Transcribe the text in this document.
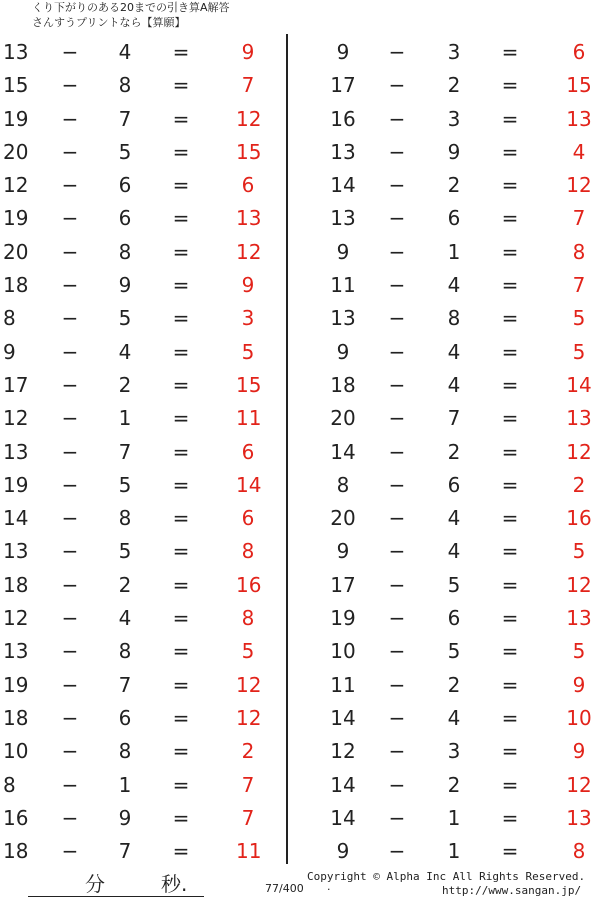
くり下がりのある20までの引き算A解答
さんすうプリントなら【算願】
13 − 4 =	9
15 − 8 =	7
19 − 7 = 12
20 − 5 = 15
12 − 6 =	6
19 − 6 = 13
20 − 8 = 12
18 − 9 =	9
8 − 5 =	3
9 − 4 =	5
17 − 2 = 15
12 − 1 = 11
13 − 7 =	6
19 − 5 = 14
14 − 8 =	6
13 − 5 =	8
18 − 2 = 16
12 − 4 =	8
13 − 8 =	5
19 − 7 = 12
18 − 6 = 12
10 − 8 =	2
8 − 1 =	7
16 − 9 =	7
18 − 7 = 11
9	− 3 =	6
17 − 2 = 15
16 − 3 = 13
13 − 9 =	4
14 − 2 = 12
13 − 6 =	7
9	− 1 =	8
11 − 4 =	7
13 − 8 =	5
9	− 4 =	5
18 − 4 = 14
20 − 7 = 13
14 − 2 = 12
8	− 6 =	2
20 − 4 = 16
9	− 4 =	5
17 − 5 = 12
19 − 6 = 13
10 − 5 =	5
11 − 2 =	9
14 − 4 = 10
12 − 3 =	9
14 − 2 = 12
14 − 1 = 13
9	− 1 =	8
分	秒.	77/400 .
Copyright © Alpha Inc All Rights Reserved.
http://www.sangan.jp/
